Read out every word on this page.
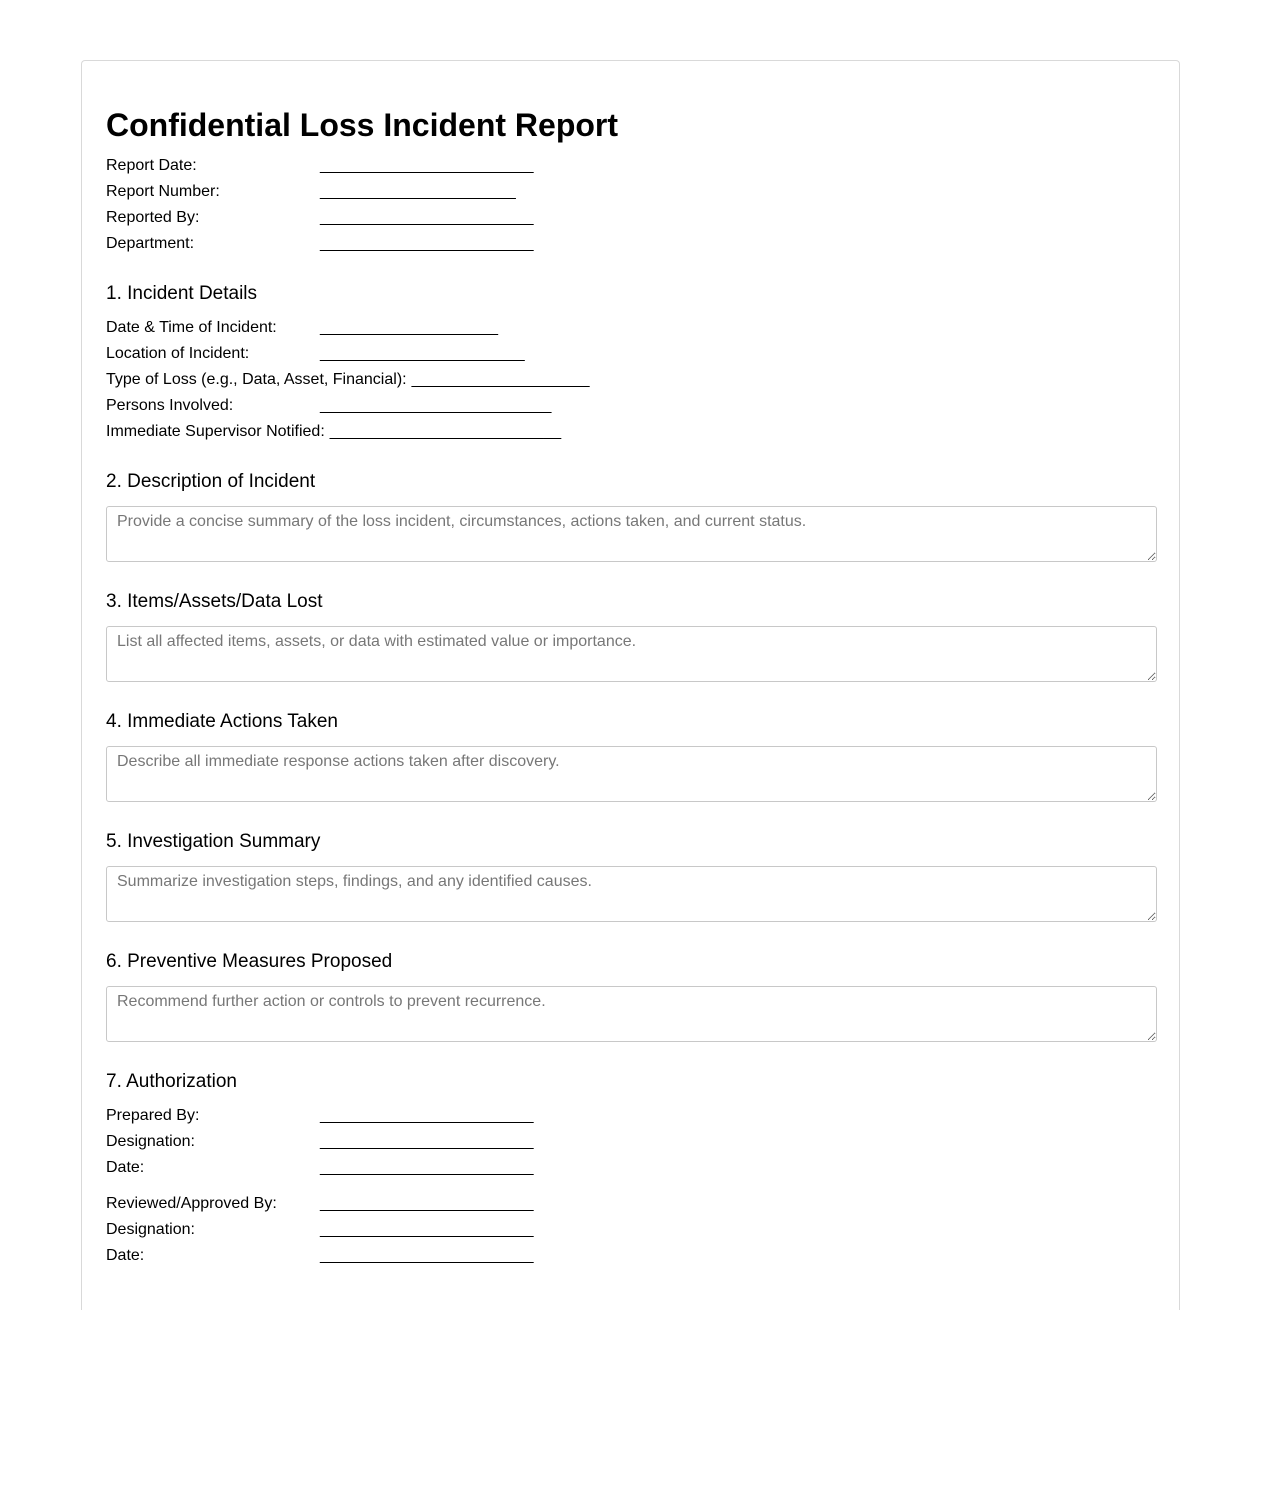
Confidential Loss Incident Report
Report Date:	________________________
Report Number:	______________________
Reported By:	________________________
Department:	________________________
1. Incident Details
Date & Time of Incident:	____________________
Location of Incident:	_______________________
Type of Loss (e.g., Data, Asset, Financial): ____________________
Persons Involved:	__________________________
Immediate Supervisor Notified: __________________________
2. Description of Incident
Provide a concise summary of the loss incident, circumstances, actions taken, and current status.
3. Items/Assets/Data Lost
List all affected items, assets, or data with estimated value or importance.
4. Immediate Actions Taken
Describe all immediate response actions taken after discovery.
5. Investigation Summary
Summarize investigation steps, findings, and any identified causes.
6. Preventive Measures Proposed
Recommend further action or controls to prevent recurrence.
7. Authorization
Prepared By:	________________________
Designation:	________________________
Date:	________________________
Reviewed/Approved By:	________________________
Designation:	________________________
Date:	________________________
